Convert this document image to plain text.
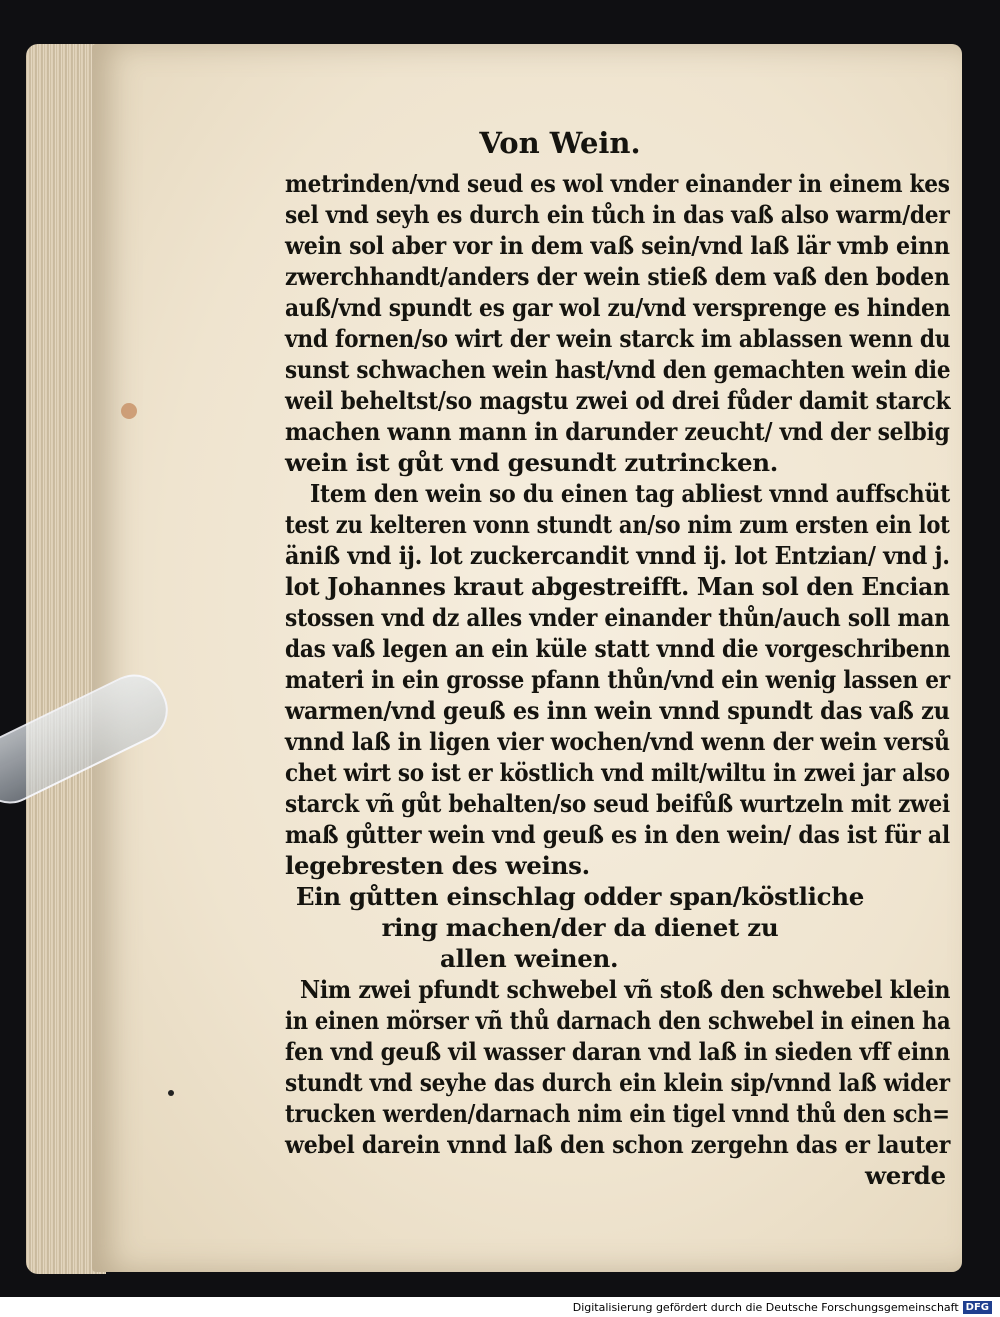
Von Wein.
metrinden/vnd seud es wol vnder einander in einem kes
sel vnd seyh es durch ein tůch in das vaß also warm/der
wein sol aber vor in dem vaß sein/vnd laß lär vmb einn
zwerchhandt/anders der wein stieß dem vaß den boden
auß/vnd spundt es gar wol zu/vnd versprenge es hinden
vnd fornen/so wirt der wein starck im ablassen wenn du
sunst schwachen wein hast/vnd den gemachten wein die
weil beheltst/so magstu zwei od drei fůder damit starck
machen wann mann in darunder zeucht/ vnd der selbig
wein ist gůt vnd gesundt zutrincken.
Item den wein so du einen tag abliest vnnd auffschüt
test zu kelteren vonn stundt an/so nim zum ersten ein lot
äniß vnd ij. lot zuckercandit vnnd ij. lot Entzian/ vnd j.
lot Johannes kraut abgestreifft. Man sol den Encian
stossen vnd dz alles vnder einander thůn/auch soll man
das vaß legen an ein küle statt vnnd die vorgeschribenn
materi in ein grosse pfann thůn/vnd ein wenig lassen er
warmen/vnd geuß es inn wein vnnd spundt das vaß zu
vnnd laß in ligen vier wochen/vnd wenn der wein versů
chet wirt so ist er köstlich vnd milt/wiltu in zwei jar also
starck vñ gůt behalten/so seud beifůß wurtzeln mit zwei
maß gůtter wein vnd geuß es in den wein/ das ist für al
legebresten des weins.
Ein gůtten einschlag odder span/köstliche
ring machen/der da dienet zu
allen weinen.
Nim zwei pfundt schwebel vñ stoß den schwebel klein
in einen mörser vñ thů darnach den schwebel in einen ha
fen vnd geuß vil wasser daran vnd laß in sieden vff einn
stundt vnd seyhe das durch ein klein sip/vnnd laß wider
trucken werden/darnach nim ein tigel vnnd thů den sch=
webel darein vnnd laß den schon zergehn das er lauter
werde
Digitalisierung gefördert durch die Deutsche Forschungsgemeinschaft DFG
